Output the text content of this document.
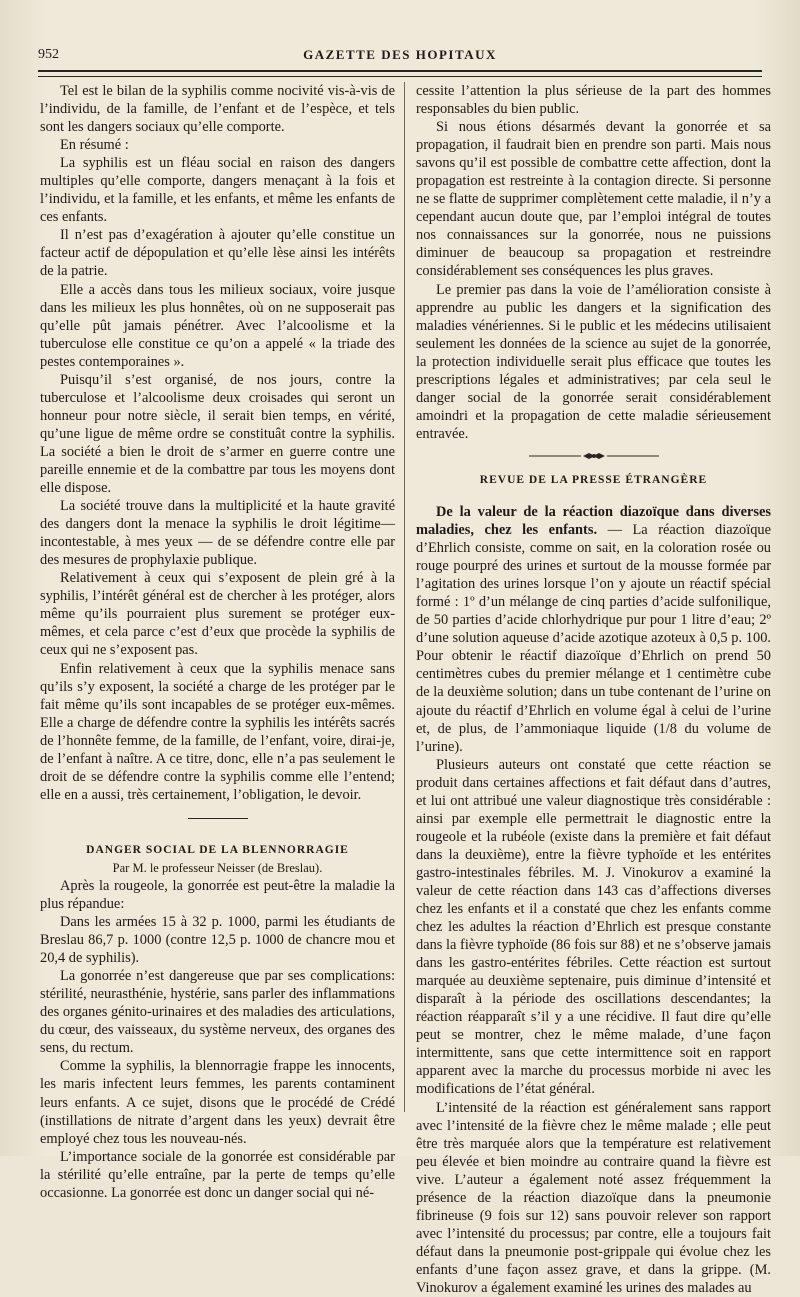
952	GAZETTE DES HOPITAUX

Tel est le bilan de la syphilis comme nocivité vis-à-vis de l’individu, de la famille, de l’enfant et de l’espèce, et tels sont les dangers sociaux qu’elle comporte.

En résumé :

La syphilis est un fléau social en raison des dangers multiples qu’elle comporte, dangers menaçant à la fois et l’individu, et la famille, et les enfants, et même les enfants de ces enfants.

Il n’est pas d’exagération à ajouter qu’elle constitue un facteur actif de dépopulation et qu’elle lèse ainsi les intérêts de la patrie.

Elle a accès dans tous les milieux sociaux, voire jusque dans les milieux les plus honnêtes, où on ne supposerait pas qu’elle pût jamais pénétrer. Avec l’alcoolisme et la tuberculose elle constitue ce qu’on a appelé « la triade des pestes contemporaines ».

Puisqu’il s’est organisé, de nos jours, contre la tuberculose et l’alcoolisme deux croisades qui seront un honneur pour notre siècle, il serait bien temps, en vérité, qu’une ligue de même ordre se constituât contre la syphilis. La société a bien le droit de s’armer en guerre contre une pareille ennemie et de la combattre par tous les moyens dont elle dispose.

La société trouve dans la multiplicité et la haute gravité des dangers dont la menace la syphilis le droit légitime— incontestable, à mes yeux — de se défendre contre elle par des mesures de prophylaxie publique.

Relativement à ceux qui s’exposent de plein gré à la syphilis, l’intérêt général est de chercher à les protéger, alors même qu’ils pourraient plus surement se protéger eux-mêmes, et cela parce c’est d’eux que procède la syphilis de ceux qui ne s’exposent pas.

Enfin relativement à ceux que la syphilis menace sans qu’ils s’y exposent, la société a charge de les protéger par le fait même qu’ils sont incapables de se protéger eux-mêmes. Elle a charge de défendre contre la syphilis les intérêts sacrés de l’honnête femme, de la famille, de l’enfant, voire, dirai-je, de l’enfant à naître. A ce titre, donc, elle n’a pas seulement le droit de se défendre contre la syphilis comme elle l’entend; elle en a aussi, très certainement, l’obligation, le devoir.

DANGER SOCIAL DE LA BLENNORRAGIE

Par M. le professeur Neisser (de Breslau).

Après la rougeole, la gonorrée est peut-être la maladie la plus répandue:

Dans les armées 15 à 32 p. 1000, parmi les étudiants de Breslau 86,7 p. 1000 (contre 12,5 p. 1000 de chancre mou et 20,4 de syphilis).

La gonorrée n’est dangereuse que par ses complications: stérilité, neurasthénie, hystérie, sans parler des inflammations des organes génito-urinaires et des maladies des articulations, du cœur, des vaisseaux, du système nerveux, des organes des sens, du rectum.

Comme la syphilis, la blennorragie frappe les innocents, les maris infectent leurs femmes, les parents contaminent leurs enfants. A ce sujet, disons que le procédé de Crédé (instillations de nitrate d’argent dans les yeux) devrait être employé chez tous les nouveau-nés.

L’importance sociale de la gonorrée est considérable par la stérilité qu’elle entraîne, par la perte de temps qu’elle occasionne. La gonorrée est donc un danger social qui né-

cessite l’attention la plus sérieuse de la part des hommes responsables du bien public.

Si nous étions désarmés devant la gonorrée et sa propagation, il faudrait bien en prendre son parti. Mais nous savons qu’il est possible de combattre cette affection, dont la propagation est restreinte à la contagion directe. Si personne ne se flatte de supprimer complètement cette maladie, il n’y a cependant aucun doute que, par l’emploi intégral de toutes nos connaissances sur la gonorrée, nous ne puissions diminuer de beaucoup sa propagation et restreindre considérablement ses conséquences les plus graves.

Le premier pas dans la voie de l’amélioration consiste à apprendre au public les dangers et la signification des maladies vénériennes. Si le public et les médecins utilisaient seulement les données de la science au sujet de la gonorrée, la protection individuelle serait plus efficace que toutes les prescriptions légales et administratives; par cela seul le danger social de la gonorrée serait considérablement amoindri et la propagation de cette maladie sérieusement entravée.

REVUE DE LA PRESSE ÉTRANGÈRE

De la valeur de la réaction diazoïque dans diverses maladies, chez les enfants. — La réaction diazoïque d’Ehrlich consiste, comme on sait, en la coloration rosée ou rouge pourpré des urines et surtout de la mousse formée par l’agitation des urines lorsque l’on y ajoute un réactif spécial formé : 1º d’un mélange de cinq parties d’acide sulfonilique, de 50 parties d’acide chlorhydrique pur pour 1 litre d’eau; 2º d’une solution aqueuse d’acide azotique azoteux à 0,5 p. 100. Pour obtenir le réactif diazoïque d’Ehrlich on prend 50 centimètres cubes du premier mélange et 1 centimètre cube de la deuxième solution; dans un tube contenant de l’urine on ajoute du réactif d’Ehrlich en volume égal à celui de l’urine et, de plus, de l’ammoniaque liquide (1/8 du volume de l’urine).

Plusieurs auteurs ont constaté que cette réaction se produit dans certaines affections et fait défaut dans d’autres, et lui ont attribué une valeur diagnostique très considérable : ainsi par exemple elle permettrait le diagnostic entre la rougeole et la rubéole (existe dans la première et fait défaut dans la deuxième), entre la fièvre typhoïde et les entérites gastro-intestinales fébriles. M. J. Vinokurov a examiné la valeur de cette réaction dans 143 cas d’affections diverses chez les enfants et il a constaté que chez les enfants comme chez les adultes la réaction d’Ehrlich est presque constante dans la fièvre typhoïde (86 fois sur 88) et ne s’observe jamais dans les gastro-entérites fébriles. Cette réaction est surtout marquée au deuxième septenaire, puis diminue d’intensité et disparaît à la période des oscillations descendantes; la réaction réapparaît s’il y a une récidive. Il faut dire qu’elle peut se montrer, chez le même malade, d’une façon intermittente, sans que cette intermittence soit en rapport apparent avec la marche du processus morbide ni avec les modifications de l’état général.

L’intensité de la réaction est généralement sans rapport avec l’intensité de la fièvre chez le même malade ; elle peut être très marquée alors que la température est relativement peu élevée et bien moindre au contraire quand la fièvre est vive. L’auteur a également noté assez fréquemment la présence de la réaction diazoïque dans la pneumonie fibrineuse (9 fois sur 12) sans pouvoir relever son rapport avec l’intensité du processus; par contre, elle a toujours fait défaut dans la pneumonie post-grippale qui évolue chez les enfants d’une façon assez grave, et dans la grippe. (M. Vinokurov a également examiné les urines des malades au
